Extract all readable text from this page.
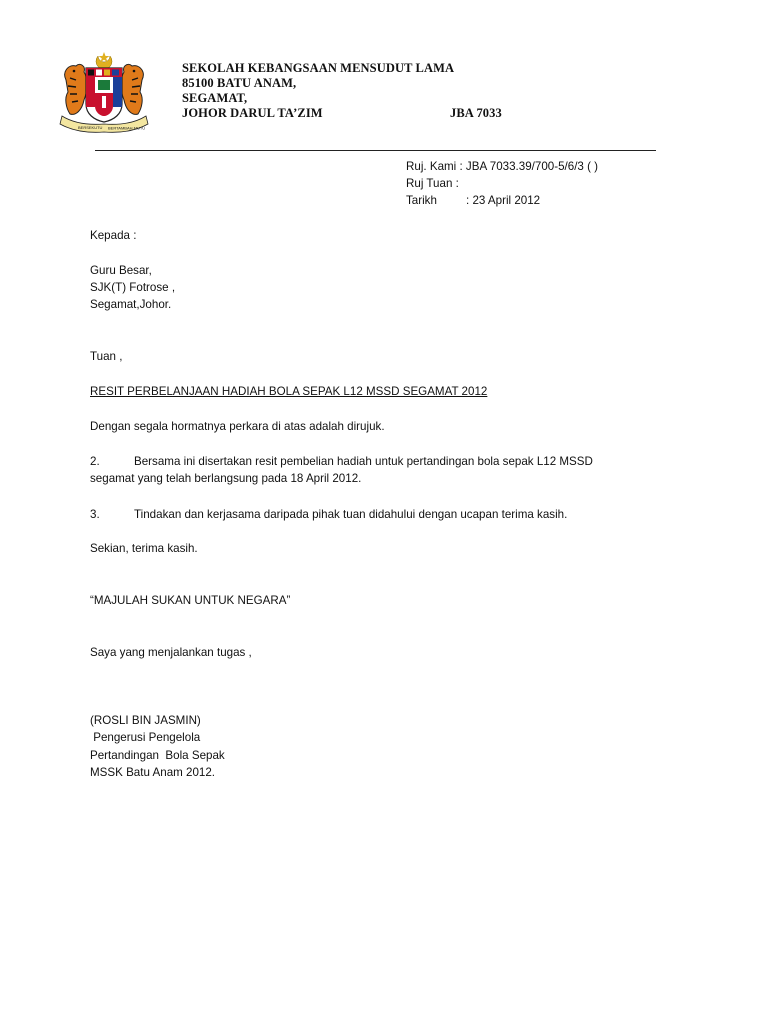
BERSEKUTU BERTAMBAH MUTU
SEKOLAH KEBANGSAAN MENSUDUT LAMA
85100 BATU ANAM,
SEGAMAT,
JOHOR DARUL TA’ZIM	JBA 7033
Ruj. Kami : JBA 7033.39/700-5/6/3 ( )
Ruj Tuan :
Tarikh	: 23 April 2012
Kepada :
Guru Besar,
SJK(T) Fotrose ,
Segamat,Johor.
Tuan ,
RESIT PERBELANJAAN HADIAH BOLA SEPAK L12 MSSD SEGAMAT 2012
Dengan segala hormatnya perkara di atas adalah dirujuk.
2.	Bersama ini disertakan resit pembelian hadiah untuk pertandingan bola sepak L12 MSSD
segamat yang telah berlangsung pada 18 April 2012.
3.	Tindakan dan kerjasama daripada pihak tuan didahului dengan ucapan terima kasih.
Sekian, terima kasih.
“MAJULAH SUKAN UNTUK NEGARA”
Saya yang menjalankan tugas ,
(ROSLI BIN JASMIN)
Pengerusi Pengelola
Pertandingan  Bola Sepak
MSSK Batu Anam 2012.
